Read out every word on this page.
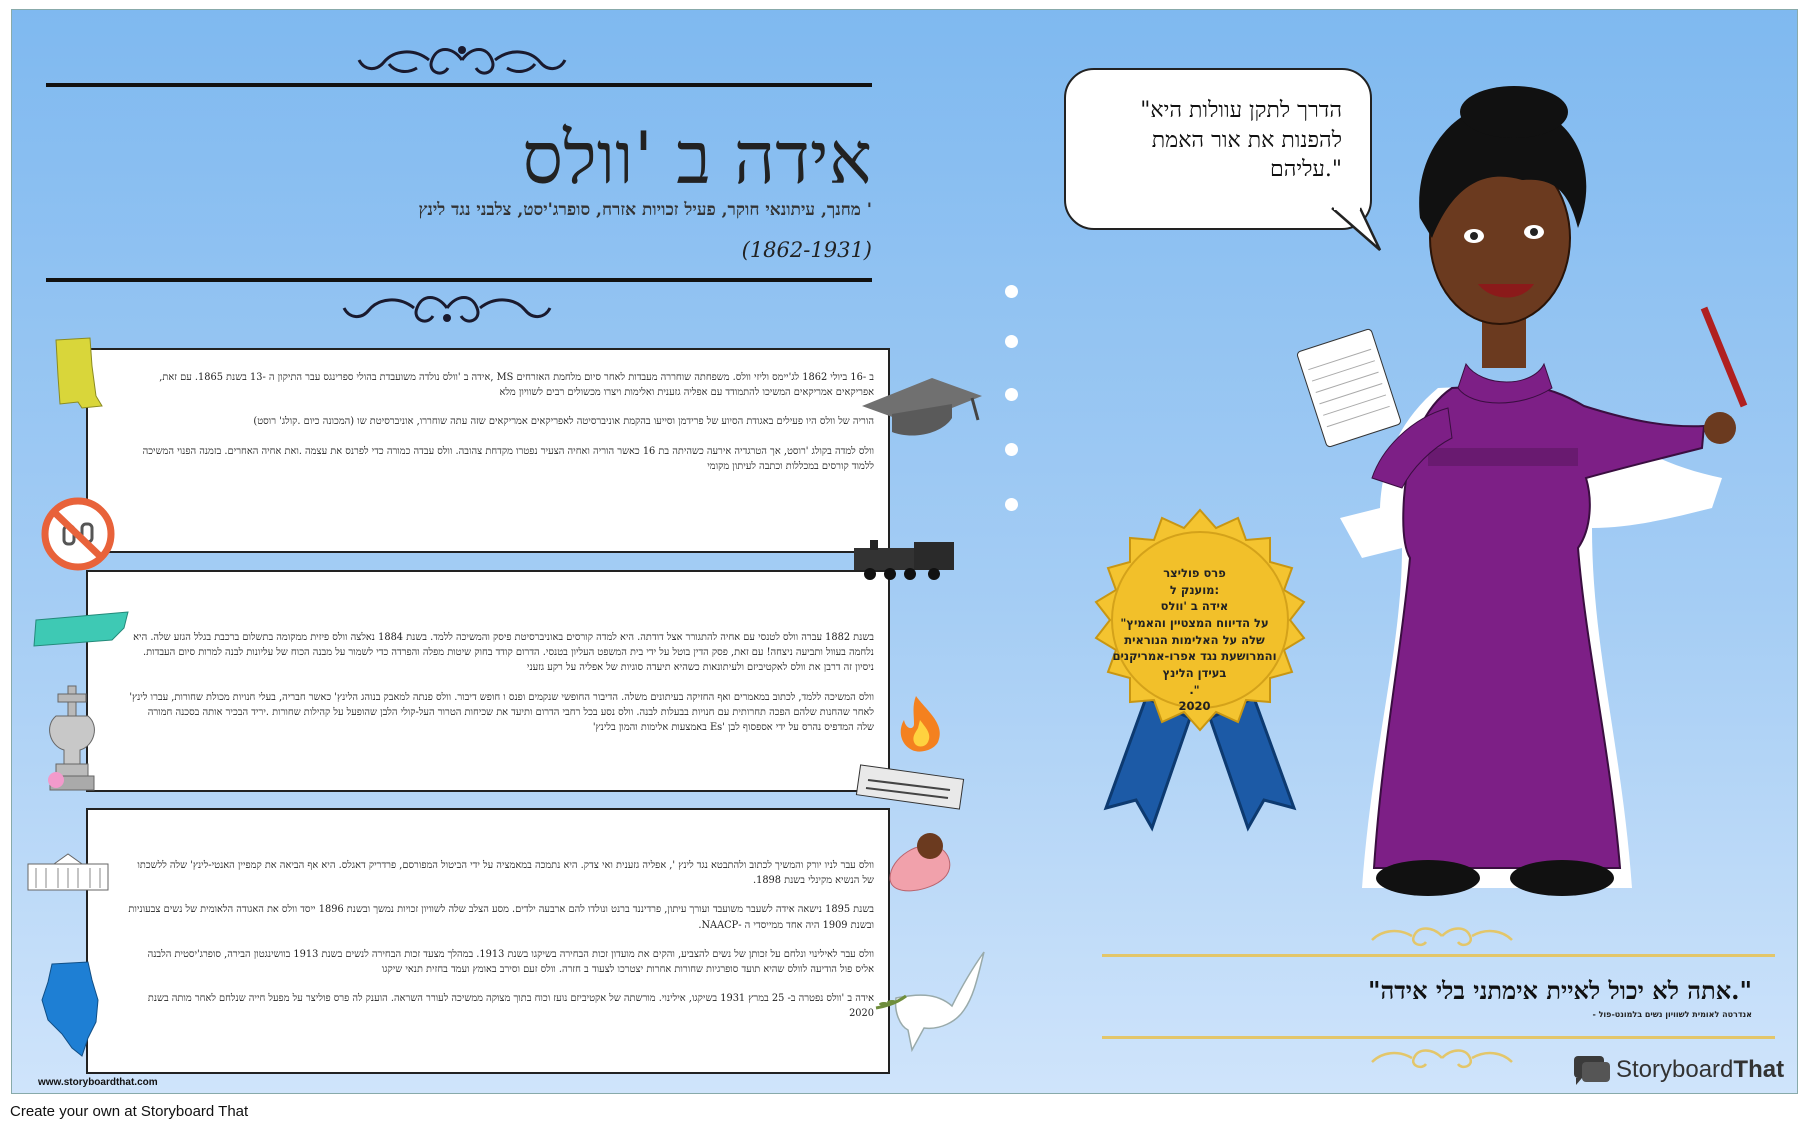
אידה ב 'וולס
' מחנך, עיתונאי חוקר, פעיל זכויות אזרח, סופרג'יסט, צלבני נגד לינץ
(1862-1931)

ב -16 ביולי 1862 לג'יימס וליזי וולס. משפחתה שוחררה מעבדות לאחר סיום מלחמת האזרחים MS ,אידה ב 'וולס נולדה משועבדת בהולי ספרינגס עבר התיקון ה -13 בשנת 1865. עם זאת, אפריקאים אמריקאים המשיכו להתמודד עם אפליה גזענית ואלימות ויצרו מכשולים רבים לשוויון מלא

הוריה של וולס היו פעילים באגודת הסיוע של פרידמן וסייעו בהקמת אוניברסיטה לאפריקאים אמריקאים שזה עתה שוחררו, אוניברסיטת שו (המכונה כיום .קולג' רוסט)

וולס למדה בקולג 'רוסט, אך הטרגדיה אירעה כשהיתה בת 16 כאשר הוריה ואחיה הצעיר נפטרו מקדחת צהובה. וולס עבדה כמורה כדי לפרנס את עצמה .ואת אחיה האחרים. בזמנה הפנוי המשיכה ללמוד קורסים במכללות וכתבה לעיתון מקומי

בשנת 1882 עברה וולס לטנסי עם אחיה להתגורר אצל דודתה. היא למדה קורסים באוניברסיטת פיסק והמשיכה ללמד. בשנת 1884 נאלצה וולס פיזית ממקומה בתשלום ברכבת בגלל הגזע שלה. היא נלחמה בעוול ותביעה ניצחה! עם זאת, פסק הדין בוטל על ידי בית המשפט העליון בטנסי. הדרום קודד בחוק שיטות מפלה והפרדה כדי לשמור על מבנה הכוח של עליונות לבנה למרות סיום העבדות. ניסיון זה דרבן את וולס לאקטיביזם ולעיתונאות כשהיא תיעדה סוגיות של אפליה על רקע גזעני

וולס המשיכה ללמד, לכתוב במאמרים ואף החזיקה בעיתונים משלה. הדיבור החופשי שנקמים ופנס ו חופש דיבור. וולס פנתה למאבק בנוהג הלינץ' כאשר חבריה, בעלי חנויות מכולת שחורות, עברו לינץ' לאחר שהחנות שלהם הפכה תחרותית עם חנויות בבעלות לבנה. וולס נסע בכל רחבי הדרום ותיעד את שכיחות הטרור העל-קולי הלבן שהופעל על קהילות שחורות .יריד הבכיר אותה בסכנה חמורה שלה המדפיס נהרס על ידי אספסוף לבן 'Es באמצעות אלימות והמון בלינץ'

וולס עבר לניו יורק והמשיך לכתוב ולהתבטא נגד לינץ ', אפליה גזענית ואי צדק. היא נתמכה במאמציה על ידי הביטול המפורסם, פרדריק דאגלס. היא אף הביאה את קמפיין האנטי-לינץ' שלה ללשכתו של הנשיא מקינלי בשנת 1898.

בשנת 1895 נישאה אידה לשעבר משועבד ועורך עיתון, פרדיננד ברנט ונולדו להם ארבעה ילדים. מסע הצלב שלה לשוויון זכויות נמשך ובשנת 1896 ייסד וולס את האגודה הלאומית של נשים צבעוניות ובשנת 1909 היה אחד ממייסדי ה -NAACP.

וולס עבר לאילינוי ונלחם על זכותן של נשים להצביע, והקים את מועדון זכות הבחירה בשיקגו בשנת 1913. במהלך מצעד זכות הבחירה לנשים בשנת 1913 בוושינגטון הבירה, סופרג'יסטית הלבנה אליס פול הודיעה לוולס שהיא תועד סופרגיות שחורות אחרות יצטרכו לצעוד ב חזרה. וולס זעם וסירב באומץ ועמד בחזית תנאי שיקגו

אידה ב 'וולס נפטרה ב- 25 במרץ 1931 בשיקגו, אילינוי. מורשתה של אקטיביזם נועז וכוח בתוך מצוקה ממשיכה לעורר השראה. הוענק לה פרס פוליצר על מפעל חייה שנלחם לאחר מותה בשנת 2020

הדרך לתקן עוולות היא" להפנות את אור האמת ".עליהם
פרס פוליצר
:מוענק ל
אידה ב 'וולס
על הדיווח המצטיין והאמיץ" שלה על האלימות הנוראית והמרושעת נגד אפרו-אמריקנים בעידן הלינץ
".
2020
".אתה לא יכול לאיית אימתני בלי אידה"
אנדרטה לאומית לשוויון נשים בלמונט-פול -
www.storyboardthat.com	StoryboardThat
Create your own at Storyboard That
